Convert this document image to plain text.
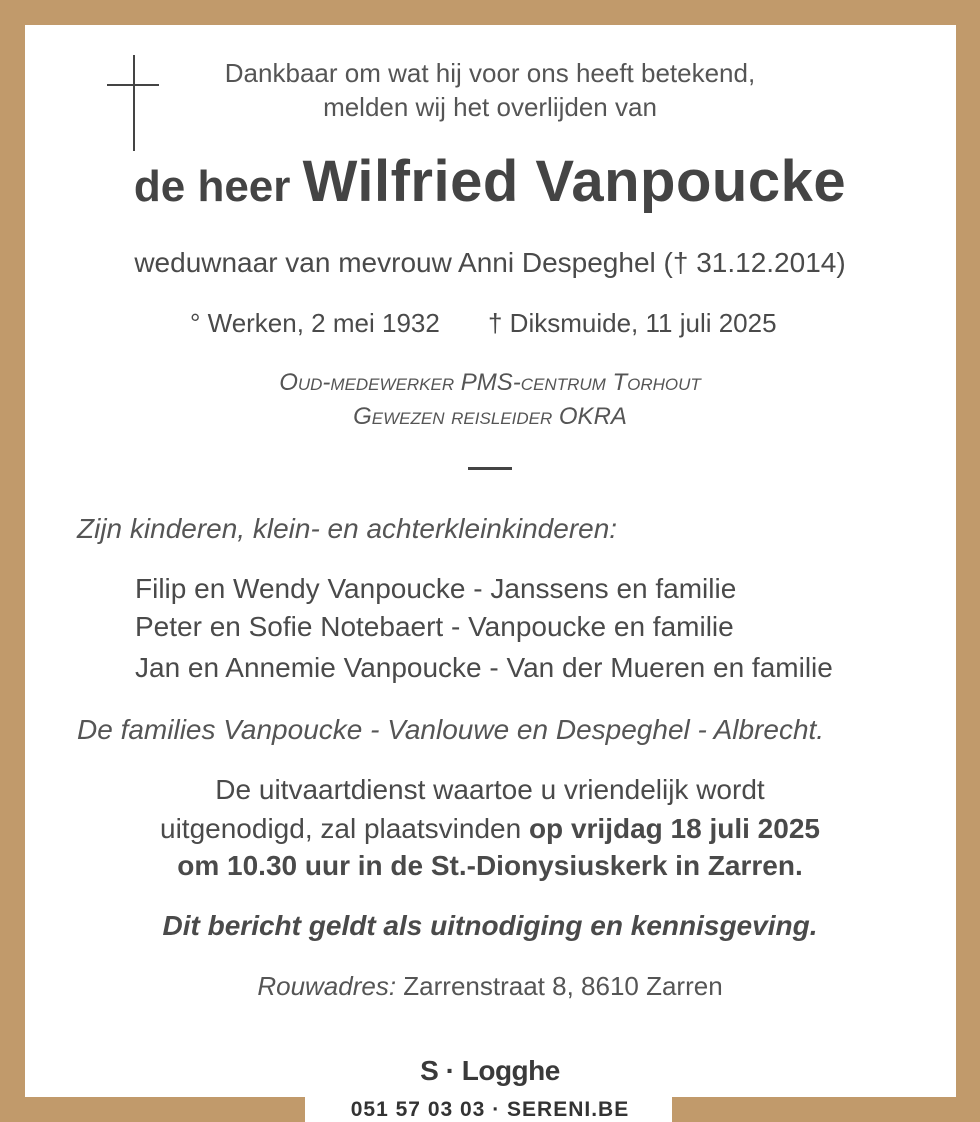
Dankbaar om wat hij voor ons heeft betekend,
melden wij het overlijden van
de heer Wilfried Vanpoucke
weduwnaar van mevrouw Anni Despeghel († 31.12.2014)
° Werken, 2 mei 1932 † Diksmuide, 11 juli 2025
Oud-medewerker PMS-centrum Torhout
Gewezen reisleider OKRA
Zijn kinderen, klein- en achterkleinkinderen:
Filip en Wendy Vanpoucke - Janssens en familie
Peter en Sofie Notebaert - Vanpoucke en familie
Jan en Annemie Vanpoucke - Van der Mueren en familie
De families Vanpoucke - Vanlouwe en Despeghel - Albrecht.
De uitvaartdienst waartoe u vriendelijk wordt
uitgenodigd, zal plaatsvinden op vrijdag 18 juli 2025
om 10.30 uur in de St.-Dionysiuskerk in Zarren.
Dit bericht geldt als uitnodiging en kennisgeving.
Rouwadres: Zarrenstraat 8, 8610 Zarren
S · Logghe
051 57 03 03 · SERENI.BE
